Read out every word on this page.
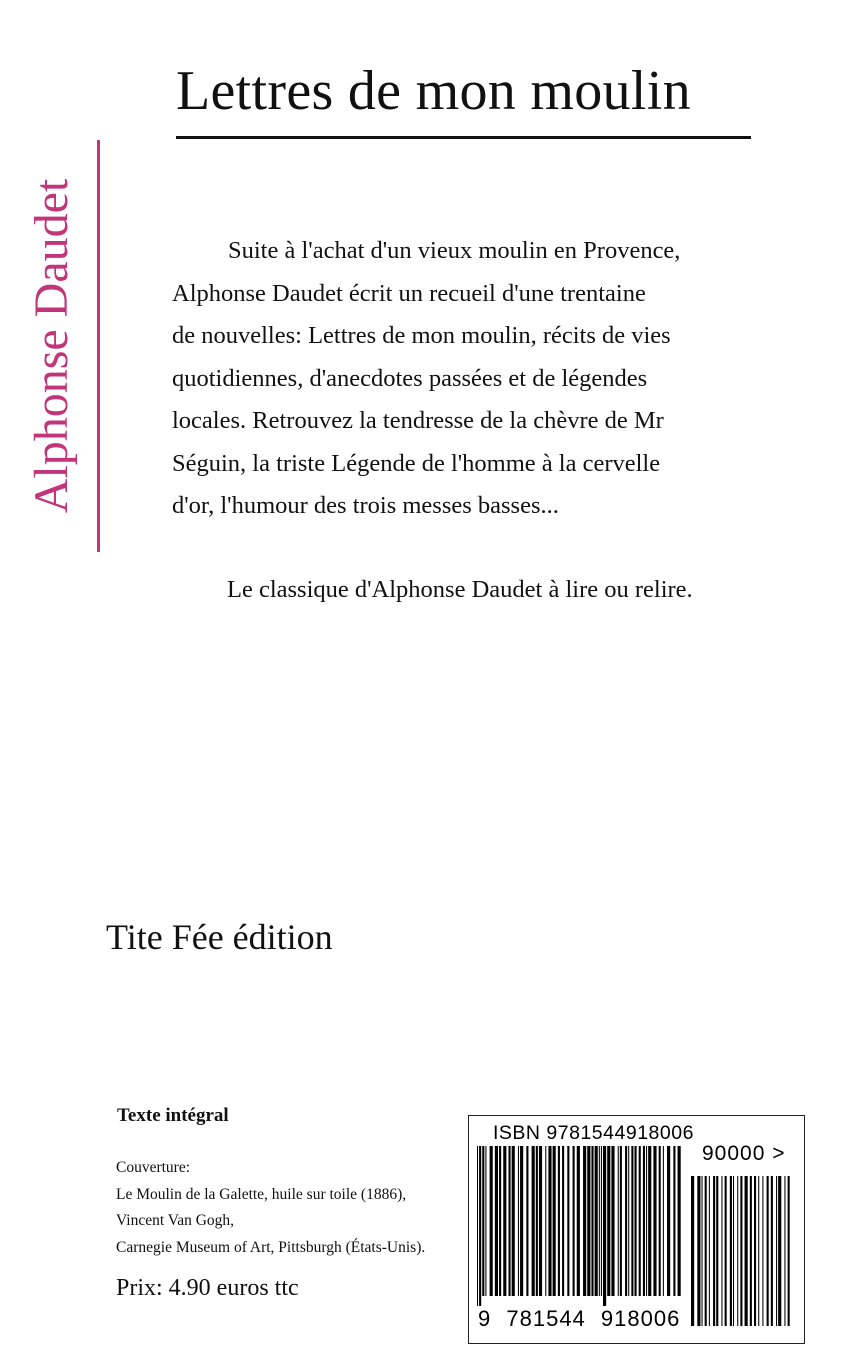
Lettres de mon moulin
Alphonse Daudet	Suite à l'achat d'un vieux moulin en Provence,
Alphonse Daudet écrit un recueil d'une trentaine
de nouvelles: Lettres de mon moulin, récits de vies
quotidiennes, d'anecdotes passées et de légendes
locales. Retrouvez la tendresse de la chèvre de Mr
Séguin, la triste Légende de l'homme à la cervelle
d'or, l'humour des trois messes basses...

Le classique d'Alphonse Daudet à lire ou relire.

Tite Fée édition

Texte intégral

Couverture:
Le Moulin de la Galette, huile sur toile (1886),
Vincent Van Gogh,
Carnegie Museum of Art, Pittsburgh (États-Unis).

Prix: 4.90 euros ttc

ISBN 9781544918006
90000 >
9 781544 918006
